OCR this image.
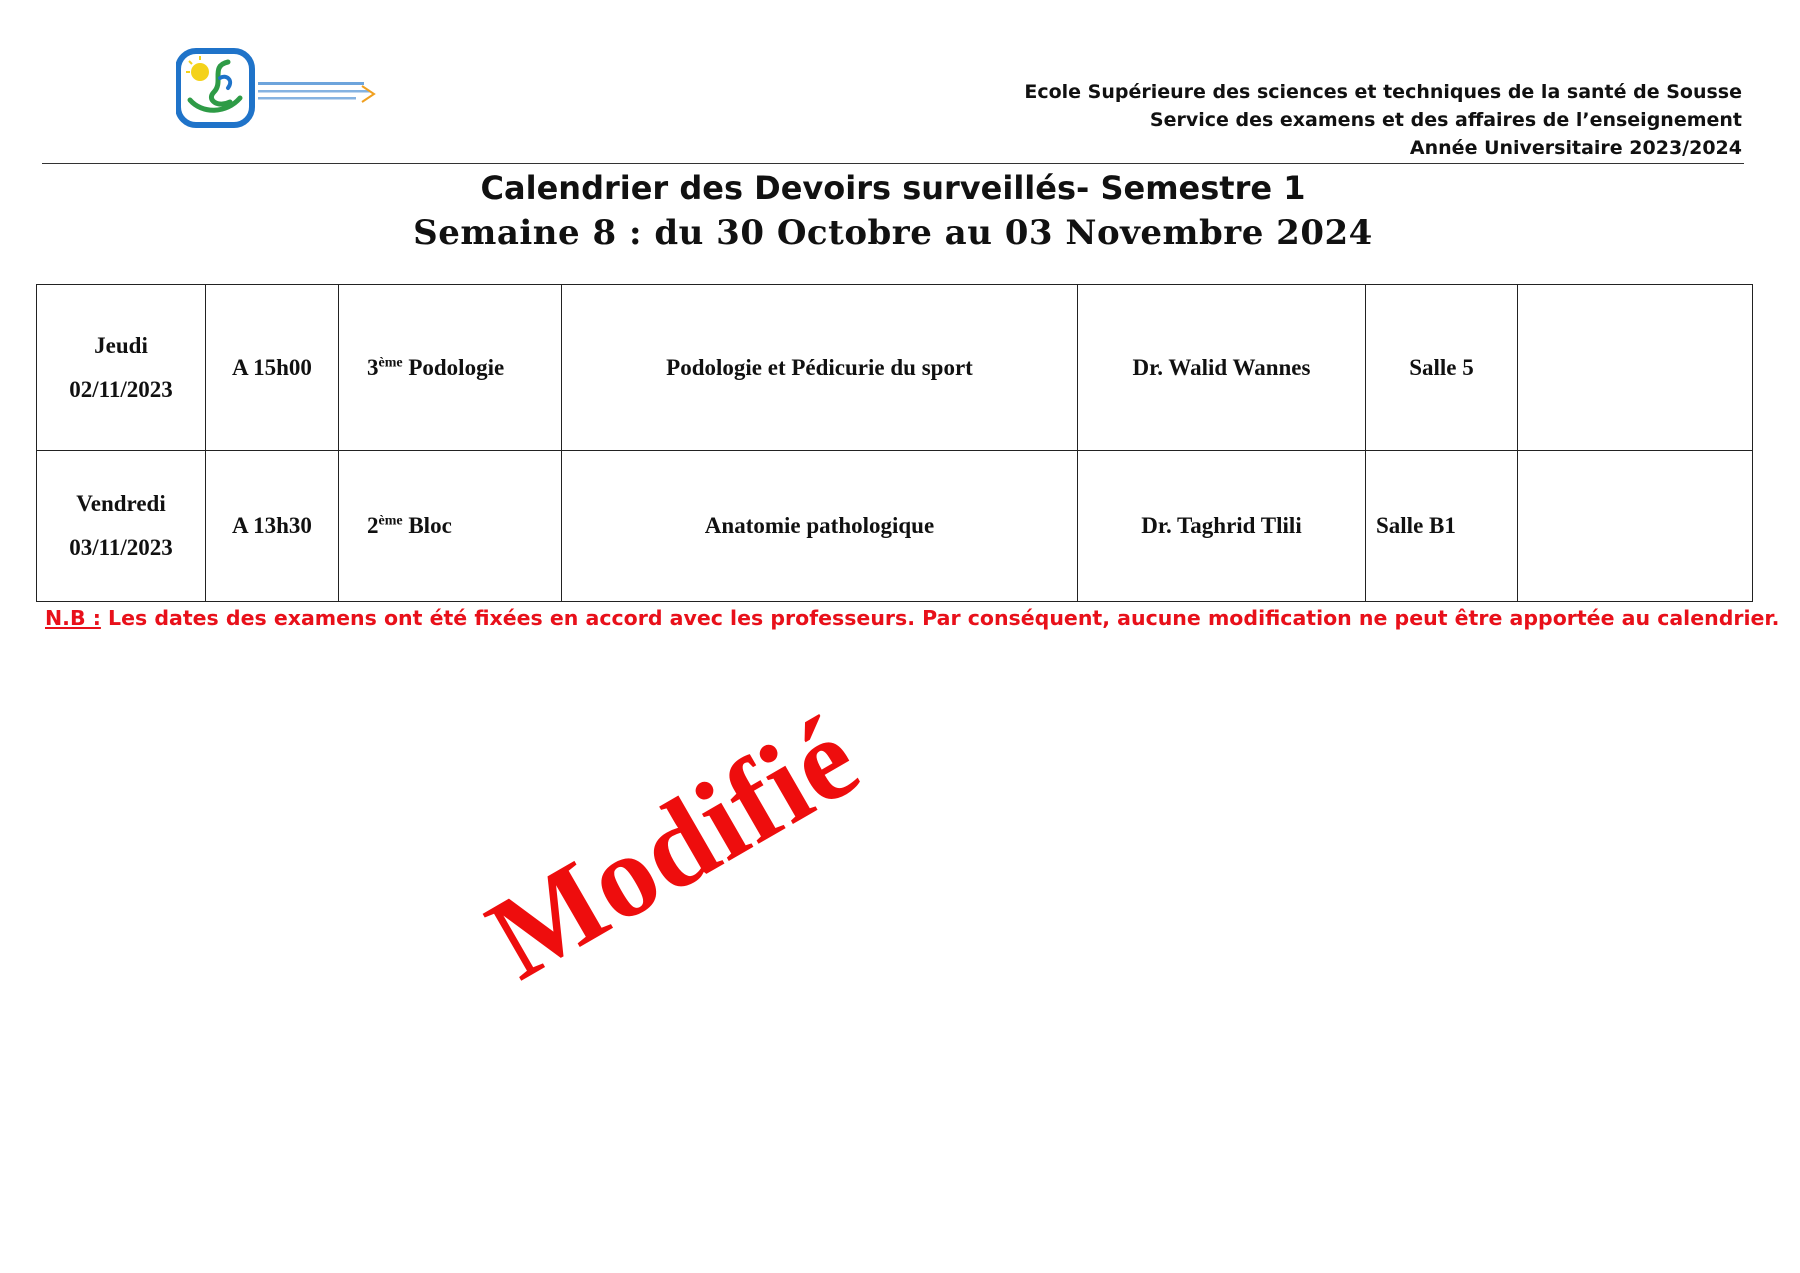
Ecole Supérieure des sciences et techniques de la santé de Sousse
Service des examens et des affaires de l’enseignement
Année Universitaire 2023/2024
Calendrier des Devoirs surveillés- Semestre 1
Semaine 8 : du 30 Octobre au 03 Novembre 2024
Jeudi
02/11/2023	A 15h00	3ème Podologie	Podologie et Pédicurie du sport	Dr. Walid Wannes	Salle 5	

Vendredi
03/11/2023	A 13h30	2ème Bloc	Anatomie pathologique	Dr. Taghrid Tlili	Salle B1	
N.B : Les dates des examens ont été fixées en accord avec les professeurs. Par conséquent, aucune modification ne peut être apportée au calendrier.
Modifié
